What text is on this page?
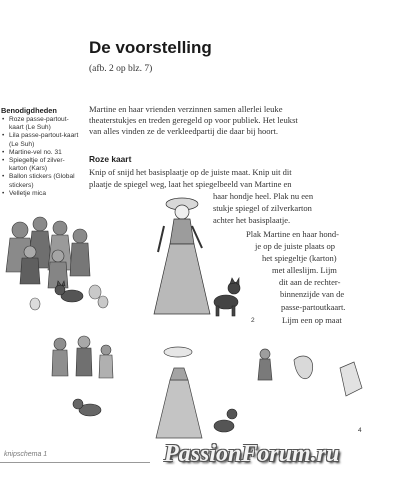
De voorstelling
(afb. 2 op blz. 7)
Benodigdheden
• Roze passe-partout-kaart (Le Suh)
• Lila passe-partout-kaart (Le Suh)
• Martine-vel no. 31
• Spiegeltje of zilver-karton (Kars)
• Ballon stickers (Global stickers)
• Velletje mica
Martine en haar vrienden verzinnen samen allerlei leuke
theaterstukjes en treden geregeld op voor publiek. Het leukst
van alles vinden ze de verkleedpartij die daar bij hoort.
Roze kaart
Knip of snijd het basisplaatje op de juiste maat. Knip uit dit
plaatje de spiegel weg, laat het spiegelbeeld van Martine en
haar hondje heel. Plak nu een
stukje spiegel of zilverkarton
achter het basisplaatje.
Plak Martine en haar hond-
je op de juiste plaats op
het spiegeltje (karton)
met alleslijm. Lijm
dit aan de rechter-
binnenzijde van de
passe-partoutkaart.
Lijm een op maat
2
4
knipschema 1	PassionForum.ru
